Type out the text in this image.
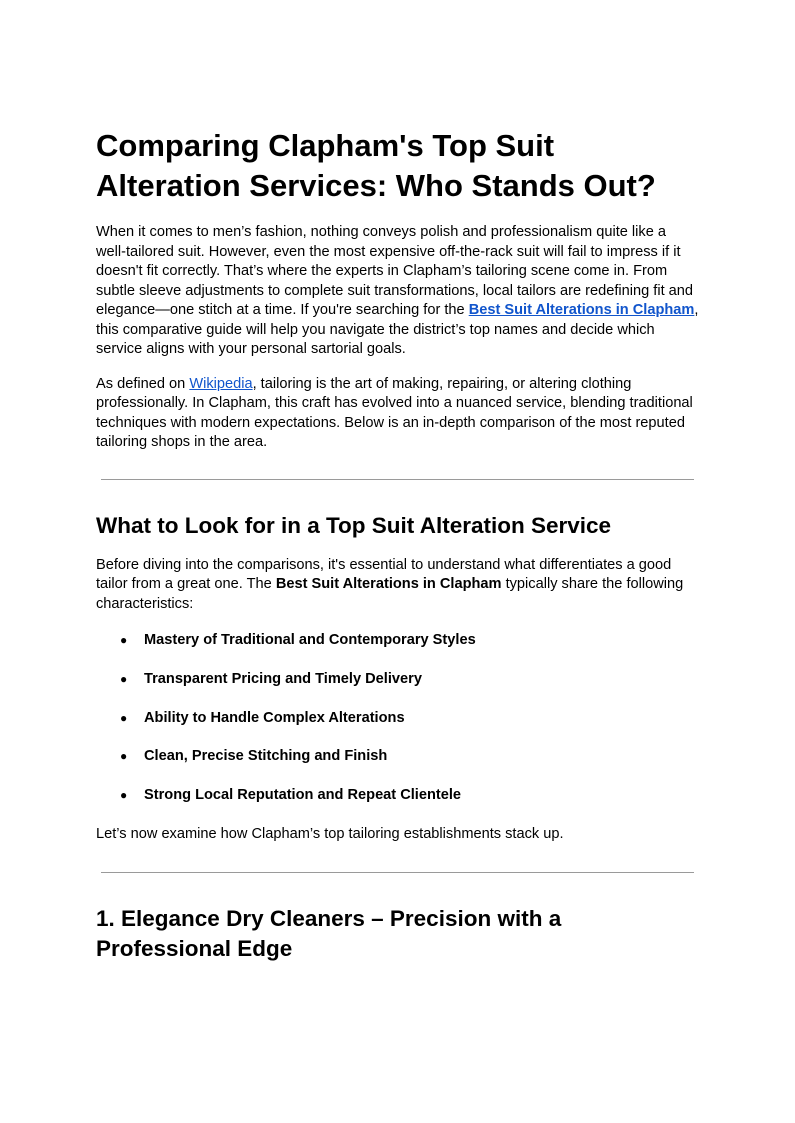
Comparing Clapham's Top Suit Alteration Services: Who Stands Out?

When it comes to men’s fashion, nothing conveys polish and professionalism quite like a well-tailored suit. However, even the most expensive off-the-rack suit will fail to impress if it doesn't fit correctly. That’s where the experts in Clapham’s tailoring scene come in. From subtle sleeve adjustments to complete suit transformations, local tailors are redefining fit and elegance—one stitch at a time. If you're searching for the Best Suit Alterations in Clapham, this comparative guide will help you navigate the district’s top names and decide which service aligns with your personal sartorial goals.

As defined on Wikipedia, tailoring is the art of making, repairing, or altering clothing professionally. In Clapham, this craft has evolved into a nuanced service, blending traditional techniques with modern expectations. Below is an in-depth comparison of the most reputed tailoring shops in the area.

What to Look for in a Top Suit Alteration Service

Before diving into the comparisons, it's essential to understand what differentiates a good tailor from a great one. The Best Suit Alterations in Clapham typically share the following characteristics:

● Mastery of Traditional and Contemporary Styles
● Transparent Pricing and Timely Delivery
● Ability to Handle Complex Alterations
● Clean, Precise Stitching and Finish
● Strong Local Reputation and Repeat Clientele

Let’s now examine how Clapham’s top tailoring establishments stack up.

1. Elegance Dry Cleaners – Precision with a Professional Edge
